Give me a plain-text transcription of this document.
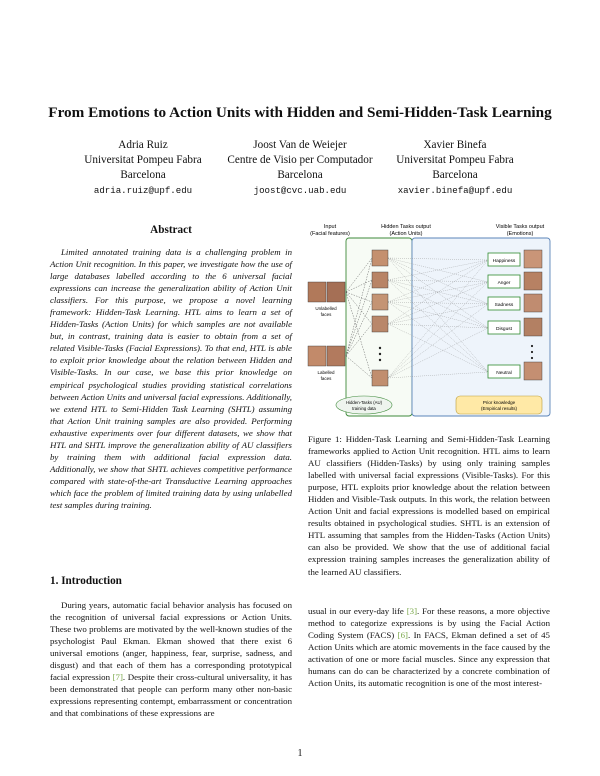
From Emotions to Action Units with Hidden and Semi-Hidden-Task Learning
Adria Ruiz
Universitat Pompeu Fabra
Barcelona
adria.ruiz@upf.edu
Joost Van de Weiejer
Centre de Visio per Computador
Barcelona
joost@cvc.uab.edu
Xavier Binefa
Universitat Pompeu Fabra
Barcelona
xavier.binefa@upf.edu
Abstract
Limited annotated training data is a challenging problem in Action Unit recognition. In this paper, we investigate how the use of large databases labelled according to the 6 universal facial expressions can increase the generalization ability of Action Unit classifiers. For this purpose, we propose a novel learning framework: Hidden-Task Learning. HTL aims to learn a set of Hidden-Tasks (Action Units) for which samples are not available but, in contrast, training data is easier to obtain from a set of related Visible-Tasks (Facial Expressions). To that end, HTL is able to exploit prior knowledge about the relation between Hidden and Visible-Tasks. In our case, we base this prior knowledge on empirical psychological studies providing statistical correlations between Action Units and universal facial expressions. Additionally, we extend HTL to Semi-Hidden Task Learning (SHTL) assuming that Action Unit training samples are also provided. Performing exhaustive experiments over four different datasets, we show that HTL and SHTL improve the generalization ability of AU classifiers by training them with additional facial expression data. Additionally, we show that SHTL achieves competitive performance compared with state-of-the-art Transductive Learning approaches which face the problem of limited training data by using unlabelled test samples during training.
1. Introduction
During years, automatic facial behavior analysis has focused on the recognition of universal facial expressions or Action Units. These two problems are motivated by the well-known studies of the psychologist Paul Ekman. Ekman showed that there exist 6 universal emotions (anger, happiness, fear, surprise, sadness, and disgust) and that each of them has a corresponding prototypical facial expression [7]. Despite their cross-cultural universality, it has been demonstrated that people can perform many other non-basic expressions representing contempt, embarrassment or concentration and that combinations of these expressions are
usual in our every-day life [3]. For these reasons, a more objective method to categorize expressions is by using the Facial Action Coding System (FACS) [6]. In FACS, Ekman defined a set of 45 Action Units which are atomic movements in the face caused by the activation of one or more facial muscles. Since any expression that humans can do can be characterized by a concrete combination of Action Units, its automatic recognition is one of the most interest-
Figure 1: Hidden-Task Learning and Semi-Hidden-Task Learning frameworks applied to Action Unit recognition. HTL aims to learn AU classifiers (Hidden-Tasks) by using only training samples labelled with universal facial expressions (Visible-Tasks). For this purpose, HTL exploits prior knowledge about the relation between Hidden and Visible-Task outputs. In this work, the relation between Action Unit and facial expressions is modelled based on empirical results obtained in psychological studies. SHTL is an extension of HTL assuming that samples from the Hidden-Tasks (Action Units) can also be provided. We show that the use of additional facial expression training samples increases the generalization ability of the learned AU classifiers.
Input
(Facial features)
Hidden Tasks output
(Action Units)
Visible Tasks output
(Emotions)
Unlabelled
faces
Labelled
faces
Happiness
Anger
Sadness
Disgust
Neutral
Hidden-Tasks (AU)
training data
Prior knowledge
(Empirical results)
1
